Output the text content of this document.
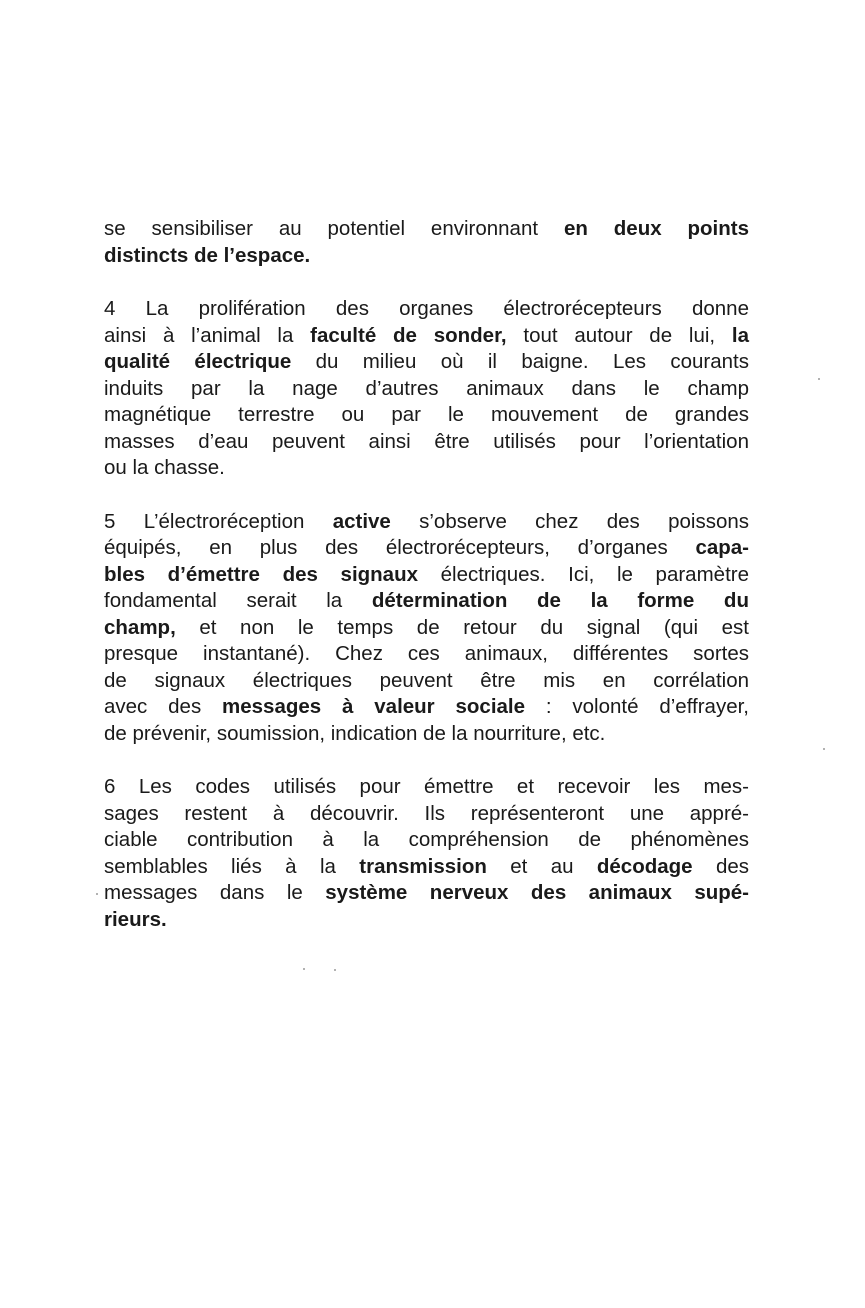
se sensibiliser au potentiel environnant en deux points
distincts de l’espace.

4 La prolifération des organes électrorécepteurs donne
ainsi à l’animal la faculté de sonder, tout autour de lui, la
qualité électrique du milieu où il baigne. Les courants
induits par la nage d’autres animaux dans le champ
magnétique terrestre ou par le mouvement de grandes
masses d’eau peuvent ainsi être utilisés pour l’orientation
ou la chasse.

5 L’électroréception active s’observe chez des poissons
équipés, en plus des électrorécepteurs, d’organes capa-
bles d’émettre des signaux électriques. Ici, le paramètre
fondamental serait la détermination de la forme du
champ, et non le temps de retour du signal (qui est
presque instantané). Chez ces animaux, différentes sortes
de signaux électriques peuvent être mis en corrélation
avec des messages à valeur sociale : volonté d’effrayer,
de prévenir, soumission, indication de la nourriture, etc.

6 Les codes utilisés pour émettre et recevoir les mes-
sages restent à découvrir. Ils représenteront une appré-
ciable contribution à la compréhension de phénomènes
semblables liés à la transmission et au décodage des
messages dans le système nerveux des animaux supé-
rieurs.
